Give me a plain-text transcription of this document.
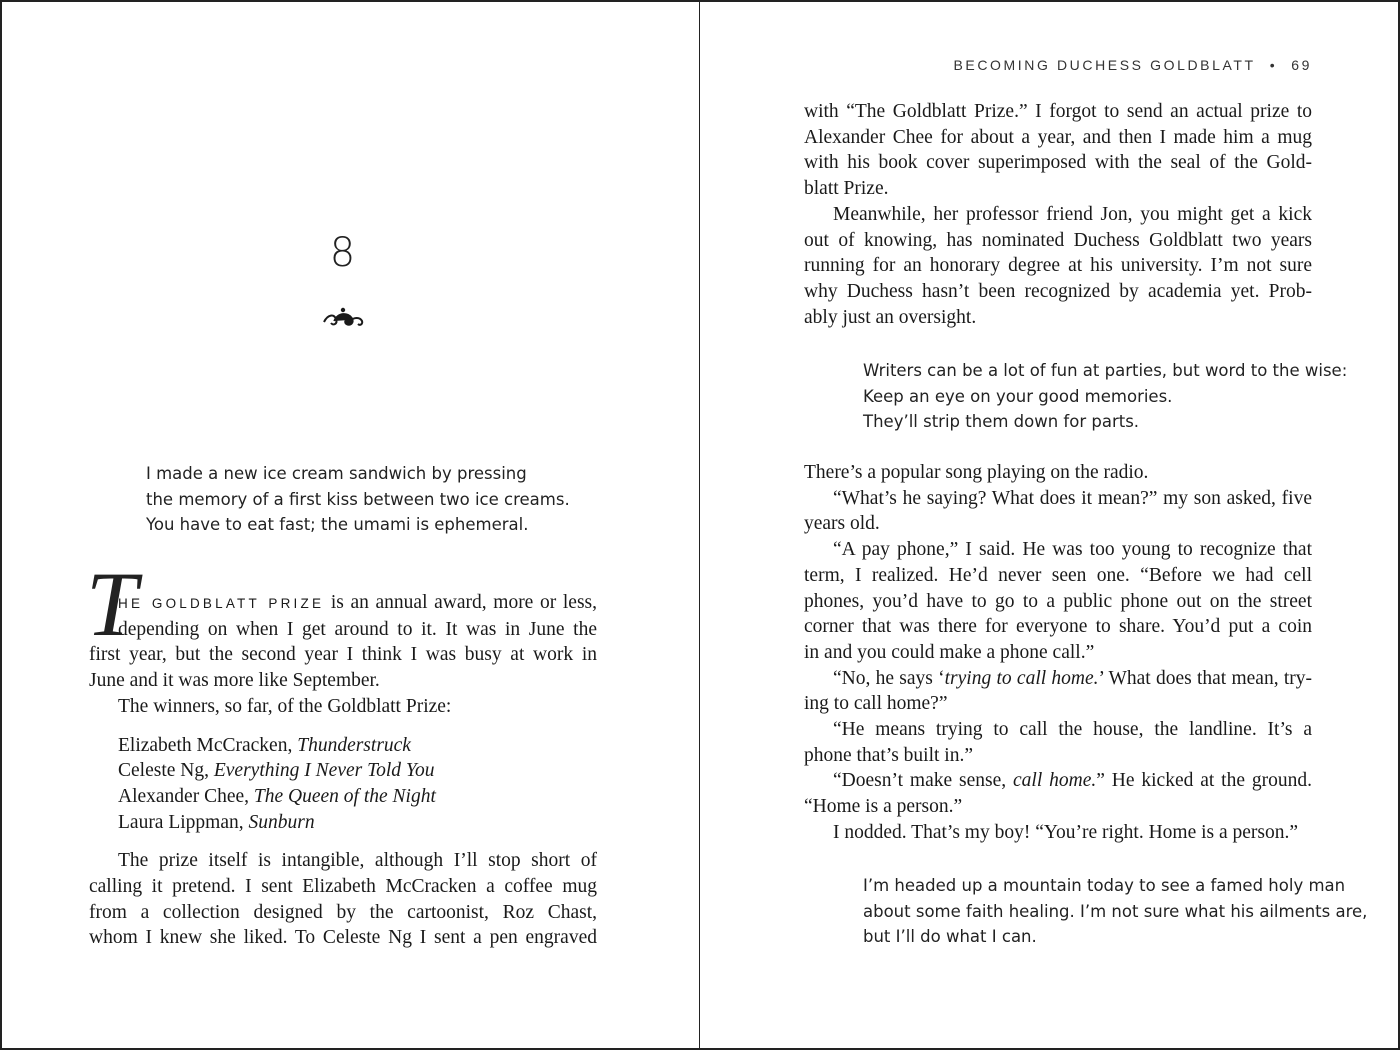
8
I made a new ice cream sandwich by pressing
the memory of a first kiss between two ice creams.
You have to eat fast; the umami is ephemeral.
T
HE GOLDBLATT PRIZE is an annual award, more or less,
depending on when I get around to it. It was in June the
first year, but the second year I think I was busy at work in
June and it was more like September.
The winners, so far, of the Goldblatt Prize:
Elizabeth McCracken, Thunderstruck
Celeste Ng, Everything I Never Told You
Alexander Chee, The Queen of the Night
Laura Lippman, Sunburn
The prize itself is intangible, although I’ll stop short of
calling it pretend. I sent Elizabeth McCracken a coffee mug
from a collection designed by the cartoonist, Roz Chast,
whom I knew she liked. To Celeste Ng I sent a pen engraved
BECOMING DUCHESS GOLDBLATT • 69
with “The Goldblatt Prize.” I forgot to send an actual prize to
Alexander Chee for about a year, and then I made him a mug
with his book cover superimposed with the seal of the Gold-
blatt Prize.
Meanwhile, her professor friend Jon, you might get a kick
out of knowing, has nominated Duchess Goldblatt two years
running for an honorary degree at his university. I’m not sure
why Duchess hasn’t been recognized by academia yet. Prob-
ably just an oversight.
Writers can be a lot of fun at parties, but word to the wise:
Keep an eye on your good memories.
They’ll strip them down for parts.
There’s a popular song playing on the radio.
“What’s he saying? What does it mean?” my son asked, five
years old.
“A pay phone,” I said. He was too young to recognize that
term, I realized. He’d never seen one. “Before we had cell
phones, you’d have to go to a public phone out on the street
corner that was there for everyone to share. You’d put a coin
in and you could make a phone call.”
“No, he says ‘trying to call home.’ What does that mean, try-
ing to call home?”
“He means trying to call the house, the landline. It’s a
phone that’s built in.”
“Doesn’t make sense, call home.” He kicked at the ground.
“Home is a person.”
I nodded. That’s my boy! “You’re right. Home is a person.”
I’m headed up a mountain today to see a famed holy man
about some faith healing. I’m not sure what his ailments are,
but I’ll do what I can.
